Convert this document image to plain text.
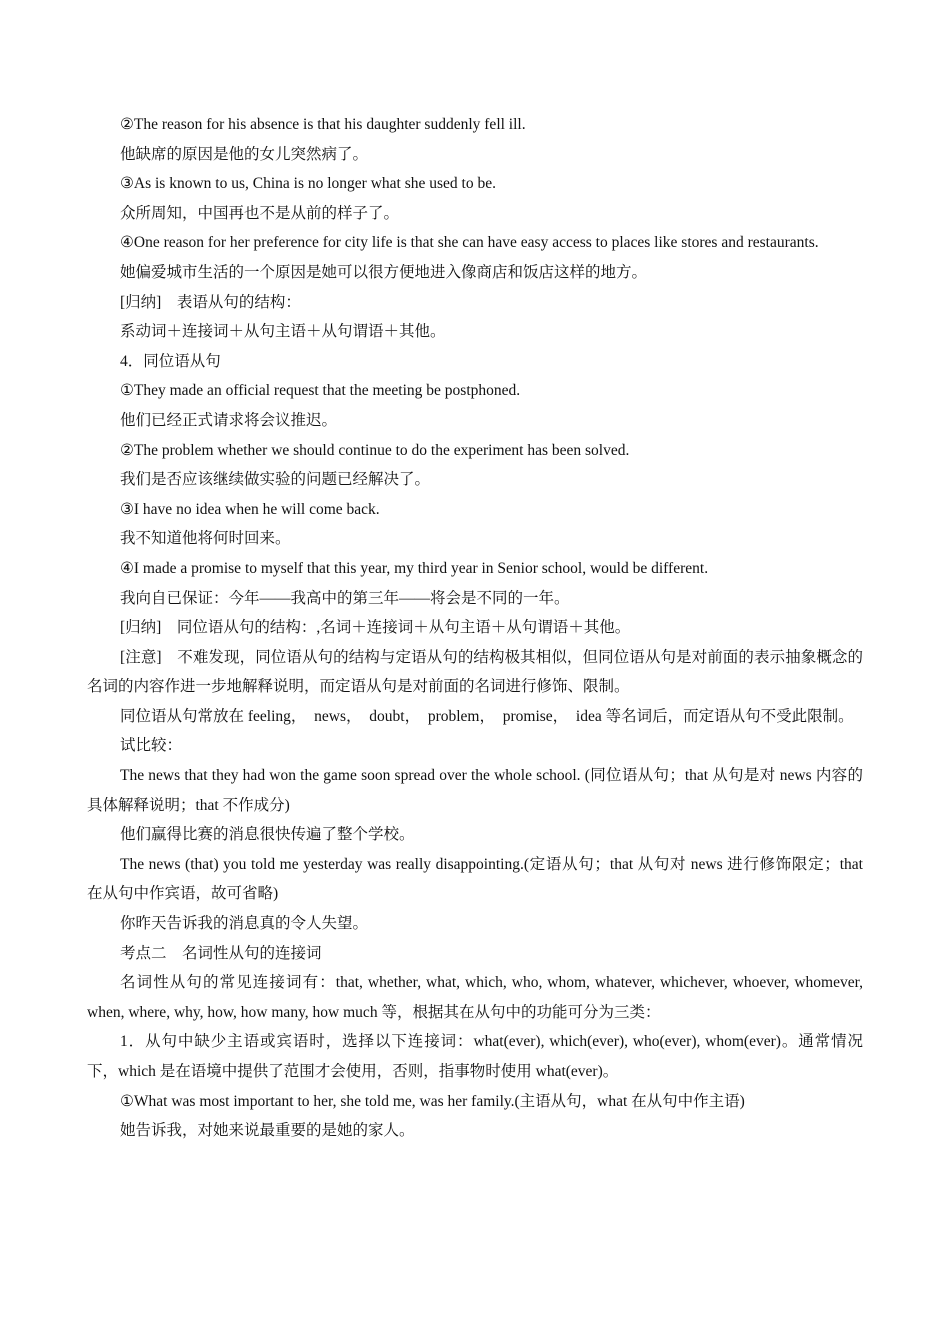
②The reason for his absence is that his daughter suddenly fell ill.

他缺席的原因是他的女儿突然病了。

③As is known to us, China is no longer what she used to be.

众所周知，中国再也不是从前的样子了。

④One reason for her preference for city life is that she can have easy access to places like stores and restaurants.

她偏爱城市生活的一个原因是她可以很方便地进入像商店和饭店这样的地方。

[归纳]　表语从句的结构：

系动词＋连接词＋从句主语＋从句谓语＋其他。

4．同位语从句

①They made an official request that the meeting be postphoned.

他们已经正式请求将会议推迟。

②The problem whether we should continue to do the experiment has been solved.

我们是否应该继续做实验的问题已经解决了。

③I have no idea when he will come back.

我不知道他将何时回来。

④I made a promise to myself that this year, my third year in Senior school, would be different.

我向自已保证：今年——我高中的第三年——将会是不同的一年。

[归纳]　同位语从句的结构：,名词＋连接词＋从句主语＋从句谓语＋其他。

[注意]　不难发现，同位语从句的结构与定语从句的结构极其相似，但同位语从句是对前面的表示抽象概念的名词的内容作进一步地解释说明，而定语从句是对前面的名词进行修饰、限制。

同位语从句常放在 feeling，　news，　doubt，　problem，　promise，　idea 等名词后，而定语从句不受此限制。

试比较：

The news that they had won the game soon spread over the whole school. (同位语从句；that 从句是对 news 内容的具体解释说明；that 不作成分)

他们赢得比赛的消息很快传遍了整个学校。

The news (that) you told me yesterday was really disappointing.(定语从句；that 从句对 news 进行修饰限定；that 在从句中作宾语，故可省略)

你昨天告诉我的消息真的令人失望。

考点二　名词性从句的连接词

名词性从句的常见连接词有：that, whether, what, which, who, whom, whatever, whichever, whoever, whomever, when, where, why, how, how many, how much 等，根据其在从句中的功能可分为三类：

1．从句中缺少主语或宾语时，选择以下连接词：what(ever), which(ever), who(ever), whom(ever)。通常情况下，which 是在语境中提供了范围才会使用，否则，指事物时使用 what(ever)。

①What was most important to her, she told me, was her family.(主语从句，what 在从句中作主语)

她告诉我，对她来说最重要的是她的家人。
